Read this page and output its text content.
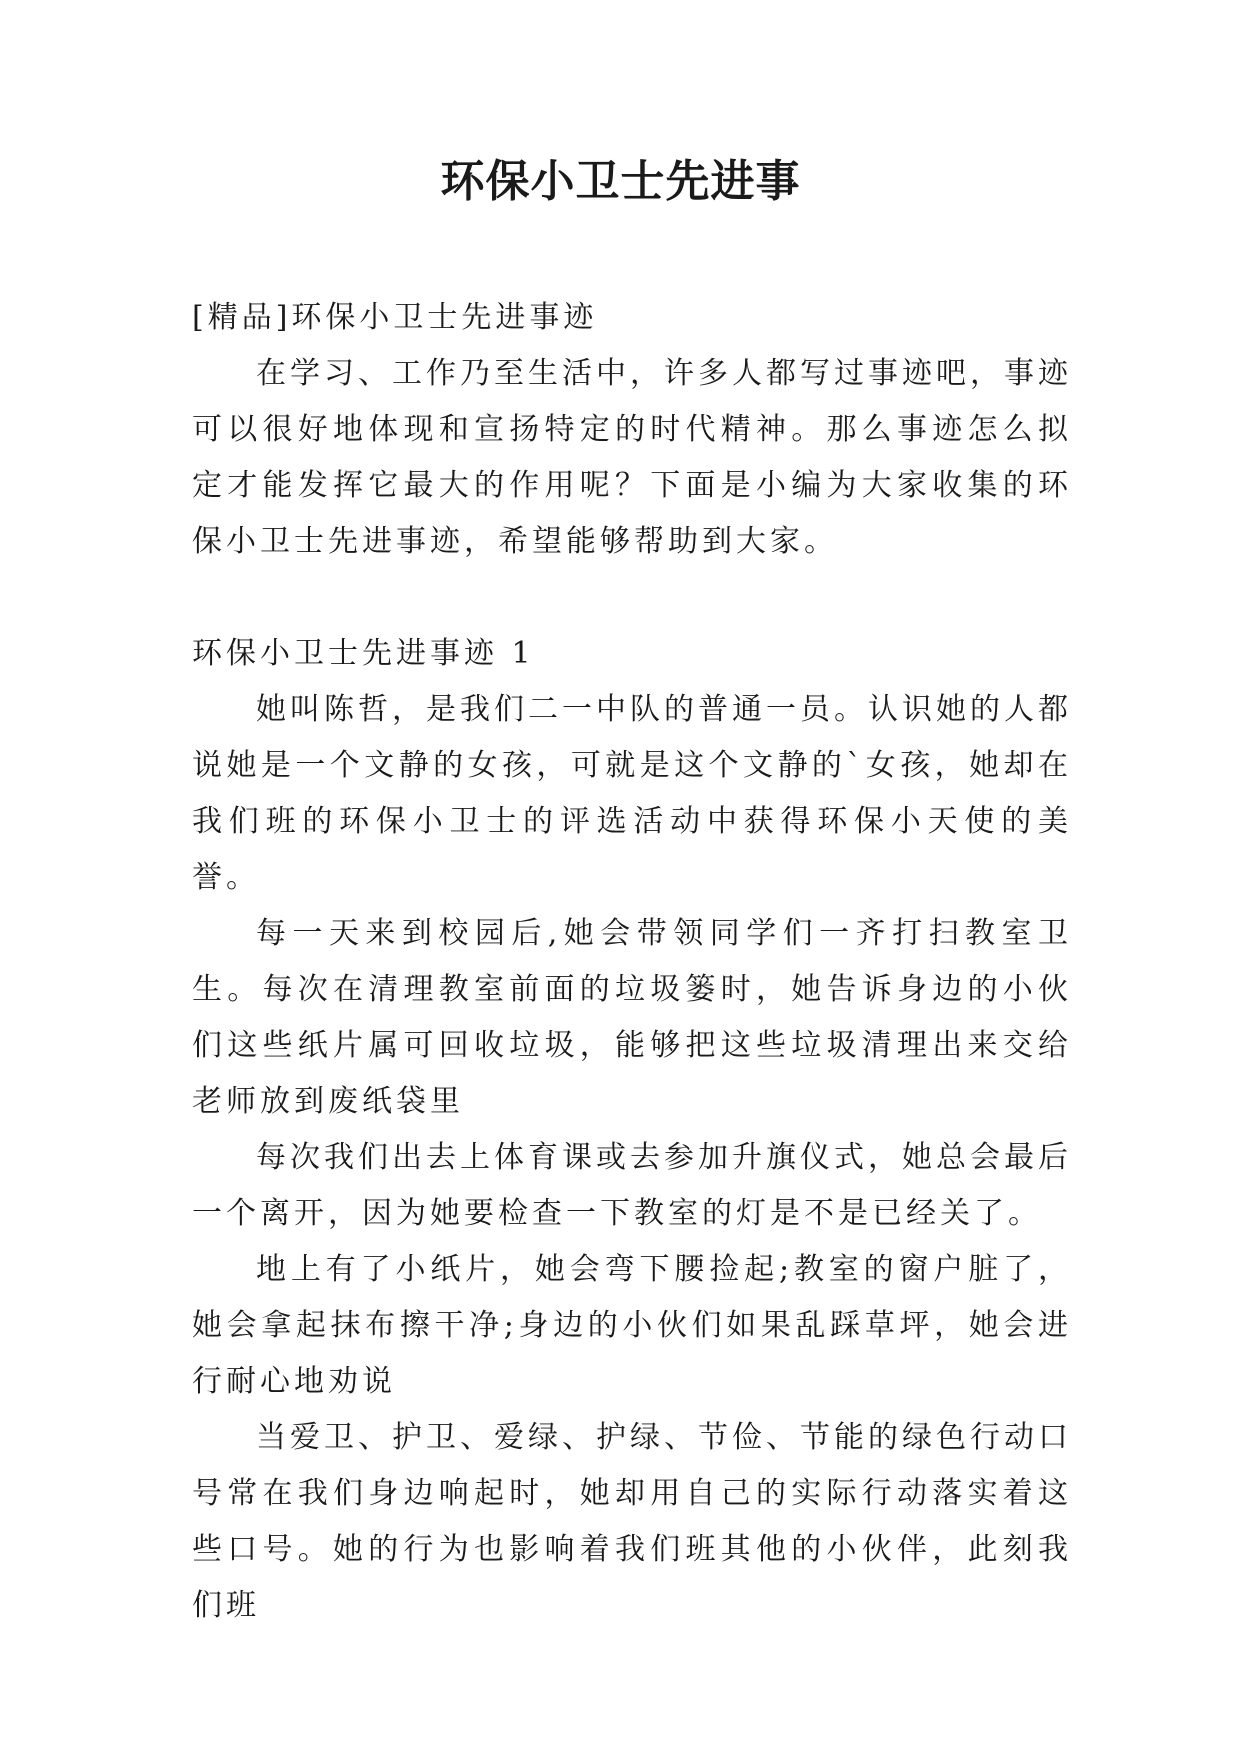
环保小卫士先进事

[精品]环保小卫士先进事迹

在学习、工作乃至生活中，许多人都写过事迹吧，事迹可以很好地体现和宣扬特定的时代精神。那么事迹怎么拟定才能发挥它最大的作用呢？下面是小编为大家收集的环保小卫士先进事迹，希望能够帮助到大家。

环保小卫士先进事迹 1

她叫陈哲，是我们二一中队的普通一员。认识她的人都说她是一个文静的女孩，可就是这个文静的`女孩，她却在我们班的环保小卫士的评选活动中获得环保小天使的美誉。

每一天来到校园后,她会带领同学们一齐打扫教室卫生。每次在清理教室前面的垃圾篓时，她告诉身边的小伙们这些纸片属可回收垃圾，能够把这些垃圾清理出来交给老师放到废纸袋里

每次我们出去上体育课或去参加升旗仪式，她总会最后一个离开，因为她要检查一下教室的灯是不是已经关了。

地上有了小纸片，她会弯下腰捡起;教室的窗户脏了，她会拿起抹布擦干净;身边的小伙们如果乱踩草坪，她会进行耐心地劝说

当爱卫、护卫、爱绿、护绿、节俭、节能的绿色行动口号常在我们身边响起时，她却用自己的实际行动落实着这些口号。她的行为也影响着我们班其他的小伙伴，此刻我们班
